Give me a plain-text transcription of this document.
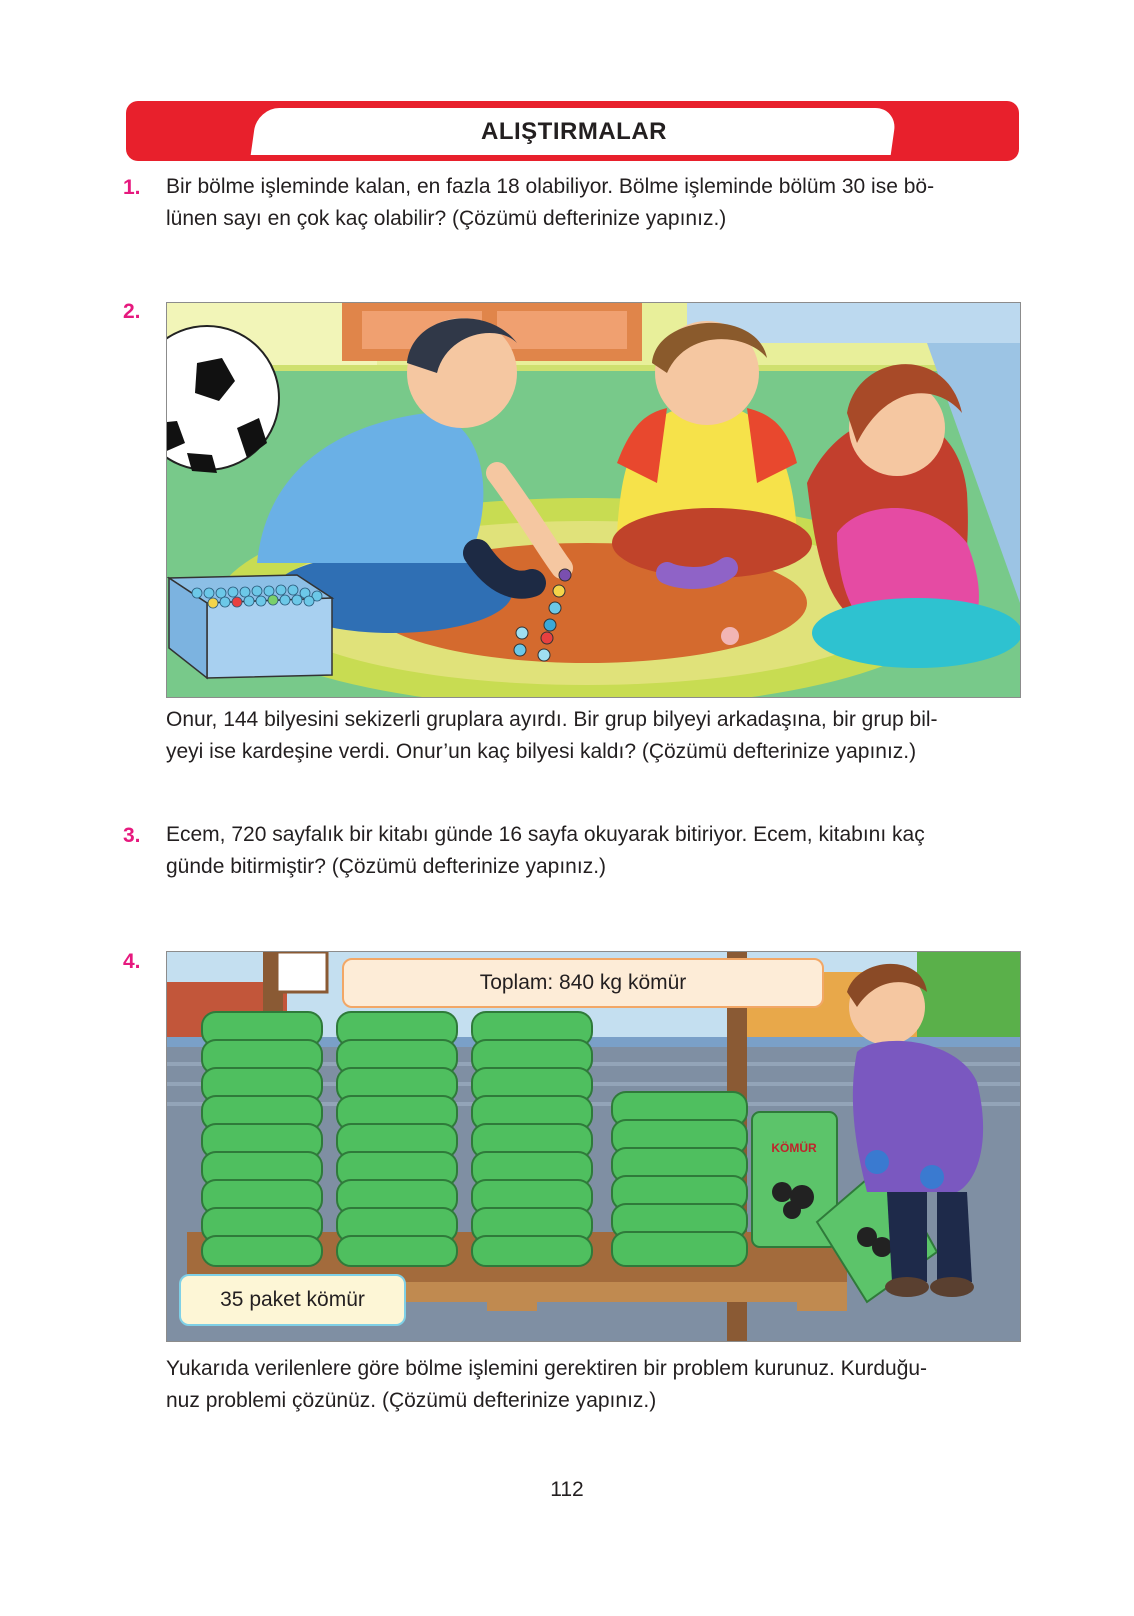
ALIŞTIRMALAR
1. Bir bölme işleminde kalan, en fazla 18 olabiliyor. Bölme işleminde bölüm 30 ise bö-

lünen sayı en çok kaç olabilir? (Çözümü defterinize yapınız.)

2.

Onur, 144 bilyesini sekizerli gruplara ayırdı. Bir grup bilyeyi arkadaşına, bir grup bil-

yeyi ise kardeşine verdi. Onur’un kaç bilyesi kaldı? (Çözümü defterinize yapınız.)

3. Ecem, 720 sayfalık bir kitabı günde 16 sayfa okuyarak bitiriyor. Ecem, kitabını kaç

günde bitirmiştir? (Çözümü defterinize yapınız.)

4.
KÖMÜR
Toplam: 840 kg kömür
35 paket kömür

Yukarıda verilenlere göre bölme işlemini gerektiren bir problem kurunuz. Kurduğu-

nuz problemi çözünüz. (Çözümü defterinize yapınız.)

112
